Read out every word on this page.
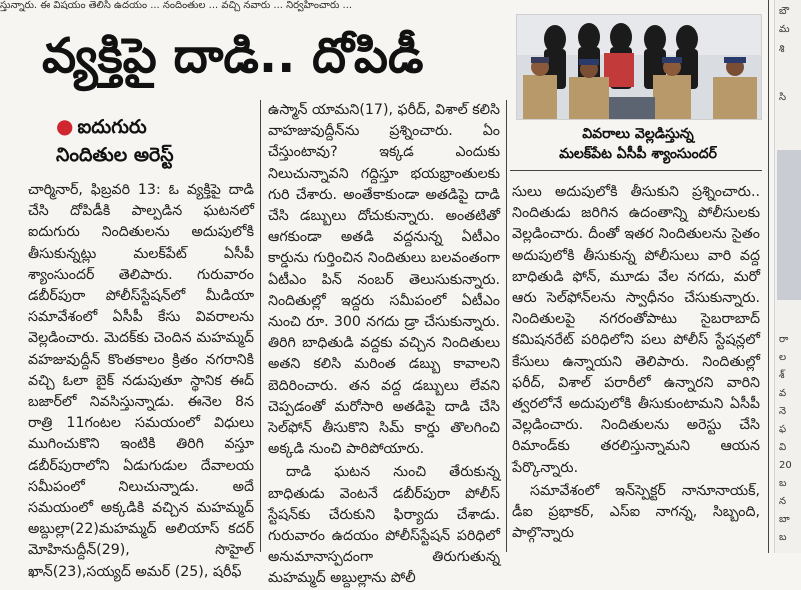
స్తున్నారు. ఈ విషయం తెలిసి ఉదయం ... నందింతుల ... వచ్చి నవారు ... నిర్వహించారు ...
వ్యక్తిపై దాడి.. దోపిడీ
● ఐదుగురు
నిందితుల అరెస్ట్

చార్మినార్, ఫిబ్రవరి 13: ఓ వ్యక్తిపై దాడి చేసి దోపిడీకి పాల్పడిన ఘటనలో ఐదుగురు నిందితులను అదుపులోకి తీసుకున్నట్లు మలక్‌పేట్ ఏసీపీ శ్యాంసుందర్ తెలిపారు. గురువారం డబీర్‌పురా పోలీస్‌స్టేషన్‌లో మీడియా సమావేశంలో ఏసీపీ కేసు వివరాలను వెల్లడించారు. మెదక్‌కు చెందిన మహమ్మద్ వహజువుద్దీన్ కొంతకాలం క్రితం నగరానికి వచ్చి ఓలా బైక్ నడుపుతూ స్థానిక ఈద్ బజార్‌లో నివసిస్తున్నాడు. ఈనెల 8న రాత్రి 11గంటల సమయంలో విధులు ముగించుకొని ఇంటికి తిరిగి వస్తూ డబీర్‌పురాలోని ఏడుగుడుల దేవాలయ సమీపంలో నిలుచున్నాడు. అదే సమయంలో అక్కడికి వచ్చిన మహమ్మద్ అబ్దుల్లా(22)మహమ్మద్ అలియాస్ కదర్ మోహినుద్దీన్(29), సొహైల్ ఖాన్(23),సయ్యద్ అమర్ (25), షరీఫ్

ఉస్మాన్ యామని(17), ఫరీద్, విశాల్ కలిసి వాహజువుద్దీన్‌ను ప్రశ్నించారు. ఏం చేస్తుంటావు? ఇక్కడ ఎందుకు నిలుచున్నావని గద్దిస్తూ భయభ్రాంతులకు గురి చేశారు. అంతేకాకుండా అతడిపై దాడి చేసి డబ్బులు దోచుకున్నారు. అంతటితో ఆగకుండా అతడి వద్దనున్న ఏటీఎం కార్డును గుర్తించిన నిందితులు బలవంతంగా ఏటీఎం పిన్ నంబర్ తెలుసుకున్నారు. నిందితుల్లో ఇద్దరు సమీపంలో ఏటీఎం నుంచి రూ. 300 నగదు డ్రా చేసుకున్నారు. తిరిగి బాధితుడి వద్దకు వచ్చిన నిందితులు అతని కలిసి మరింత డబ్బు కావాలని బెదిరించారు. తన వద్ద డబ్బులు లేవని చెప్పడంతో మరోసారి అతడిపై దాడి చేసి సెల్‌ఫోన్ తీసుకొని సిమ్ కార్డు తొలగించి అక్కడి నుంచి పారిపోయారు.

దాడి ఘటన నుంచి తేరుకున్న బాధితుడు వెంటనే డబీర్‌పురా పోలీస్ స్టేషన్‌కు చేరుకుని ఫిర్యాదు చేశాడు. గురువారం ఉదయం పోలీస్‌స్టేషన్ పరిధిలో అనుమానాస్పదంగా తిరుగుతున్న మహమ్మద్ అబ్దుల్లాను పోలీ

వివరాలు వెల్లడిస్తున్న
మలక్‌పేట ఏసీపీ శ్యాంసుందర్

సులు అదుపులోకి తీసుకుని ప్రశ్నించారు.. నిందితుడు జరిగిన ఉదంతాన్ని పోలీసులకు వెల్లడించారు. దీంతో ఇతర నిందితులను సైతం అదుపులోకి తీసుకున్న పోలీసులు వారి వద్ద బాధితుడి ఫోన్, మూడు వేల నగదు, మరో ఆరు సెల్‌ఫోన్‌లను స్వాధీనం చేసుకున్నారు. నిందితులపై నగరంతోపాటు సైబరాబాద్ కమిషనరేట్ పరిధిలోని పలు పోలీస్ స్టేషన్లలో కేసులు ఉన్నాయని తెలిపారు. నిందితుల్లో ఫరీద్, విశాల్ పరారీలో ఉన్నారని వారిని త్వరలోనే అదుపులోకి తీసుకుంటామని ఏసీపీ వెల్లడించారు. నిందితులను అరెస్టు చేసి రిమాండ్‌కు తరలిస్తున్నామని ఆయన పేర్కొన్నారు.

సమావేశంలో ఇన్‌స్పెక్టర్ నానూనాయక్, డీఐ ప్రభాకర్, ఎస్ఐ నాగన్న, సిబ్బంది, పాల్గొన్నారు

బౌ
మ
శి
సి
రా
ల
శ్
వ
నె
ఫ
వి
20
బ
న
బా
బ
